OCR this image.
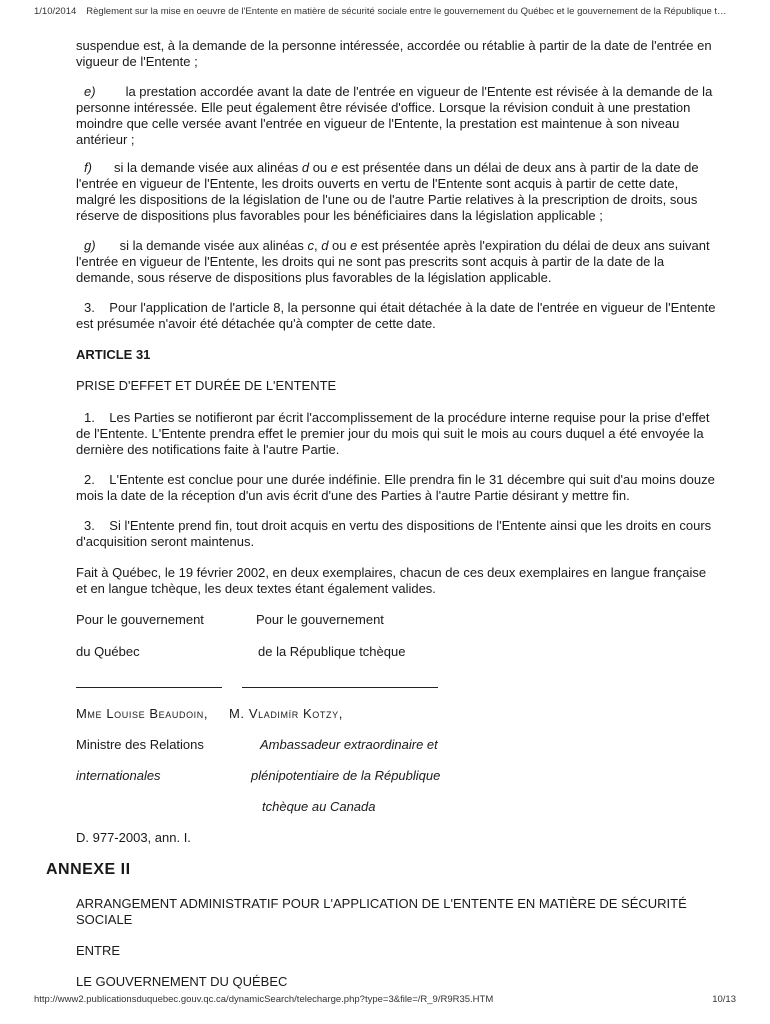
1/10/2014 Règlement sur la mise en oeuvre de l'Entente en matière de sécurité sociale entre le gouvernement du Québec et le gouvernement de la République t…

suspendue est, à la demande de la personne intéressée, accordée ou rétablie à partir de la date de l'entrée en vigueur de l'Entente ;

e) la prestation accordée avant la date de l'entrée en vigueur de l'Entente est révisée à la demande de la personne intéressée. Elle peut également être révisée d'office. Lorsque la révision conduit à une prestation moindre que celle versée avant l'entrée en vigueur de l'Entente, la prestation est maintenue à son niveau antérieur ;

f) si la demande visée aux alinéas d ou e est présentée dans un délai de deux ans à partir de la date de l'entrée en vigueur de l'Entente, les droits ouverts en vertu de l'Entente sont acquis à partir de cette date, malgré les dispositions de la législation de l'une ou de l'autre Partie relatives à la prescription de droits, sous réserve de dispositions plus favorables pour les bénéficiaires dans la législation applicable ;

g) si la demande visée aux alinéas c, d ou e est présentée après l'expiration du délai de deux ans suivant l'entrée en vigueur de l'Entente, les droits qui ne sont pas prescrits sont acquis à partir de la date de la demande, sous réserve de dispositions plus favorables de la législation applicable.

3.    Pour l'application de l'article 8, la personne qui était détachée à la date de l'entrée en vigueur de l'Entente est présumée n'avoir été détachée qu'à compter de cette date.

ARTICLE 31
PRISE D'EFFET ET DURÉE DE L'ENTENTE

1.    Les Parties se notifieront par écrit l'accomplissement de la procédure interne requise pour la prise d'effet de l'Entente. L'Entente prendra effet le premier jour du mois qui suit le mois au cours duquel a été envoyée la dernière des notifications faite à l'autre Partie.

2.    L'Entente est conclue pour une durée indéfinie. Elle prendra fin le 31 décembre qui suit d'au moins douze mois la date de la réception d'un avis écrit d'une des Parties à l'autre Partie désirant y mettre fin.

3.    Si l'Entente prend fin, tout droit acquis en vertu des dispositions de l'Entente ainsi que les droits en cours d'acquisition seront maintenus.

Fait à Québec, le 19 février 2002, en deux exemplaires, chacun de ces deux exemplaires en langue française et en langue tchèque, les deux textes étant également valides.
Pour le gouvernement	Pour le gouvernement
du Québec	de la République tchèque
Mme Louise Beaudoin,	M. Vladimír Kotzy,
Ministre des Relations	Ambassadeur extraordinaire et
internationales	plénipotentiaire de la République
tchèque au Canada
D. 977-2003, ann. I.
ANNEXE II
ARRANGEMENT ADMINISTRATIF POUR L'APPLICATION DE L'ENTENTE EN MATIÈRE DE SÉCURITÉ SOCIALE
ENTRE
LE GOUVERNEMENT DU QUÉBEC
http://www2.publicationsduquebec.gouv.qc.ca/dynamicSearch/telecharge.php?type=3&file=/R_9/R9R35.HTM	10/13
